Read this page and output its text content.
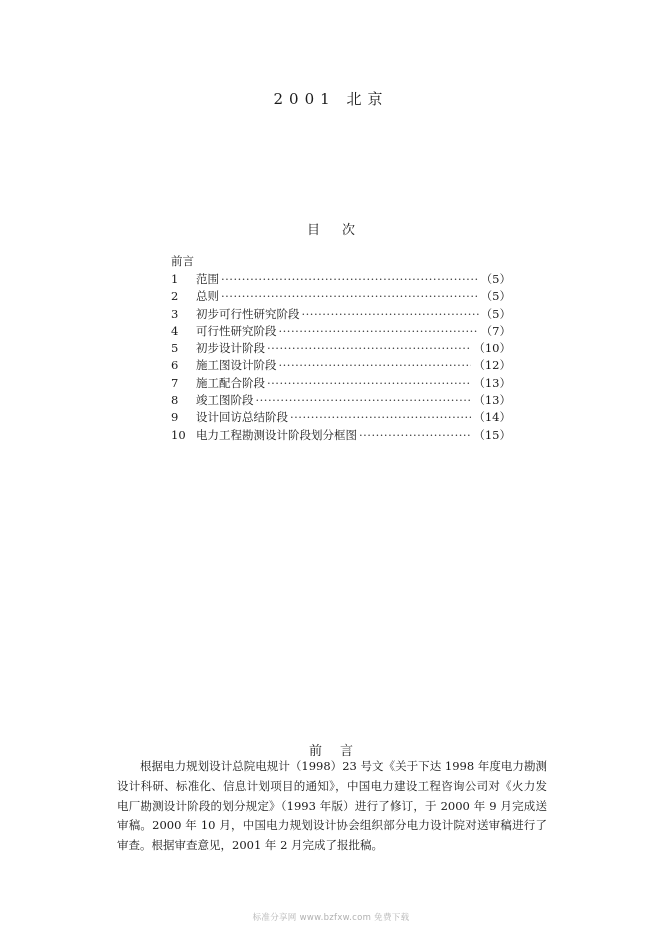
2001 北京
目次
前言
1	范围 ·····	（5）
2	总则 ·····	（5）
3	初步可行性研究阶段 ·····	（5）
4	可行性研究阶段 ·····	（7）
5	初步设计阶段 ·····	（10）
6	施工图设计阶段 ·····	（12）
7	施工配合阶段 ·····	（13）
8	竣工图阶段 ·····	（13）
9	设计回访总结阶段 ·····	（14）
10 电力工程勘测设计阶段划分框图 ·····	（15）
前言
根据电力规划设计总院电规计（1998）23 号文《关于下达 1998 年度电力勘测设计科研、标准化、信息计划项目的通知》，中国电力建设工程咨询公司对《火力发电厂勘测设计阶段的划分规定》（1993 年版）进行了修订，于 2000 年 9 月完成送审稿。2000 年 10 月，中国电力规划设计协会组织部分电力设计院对送审稿进行了审查。根据审查意见，2001 年 2 月完成了报批稿。
标准分享网 www.bzfxw.com 免费下载
